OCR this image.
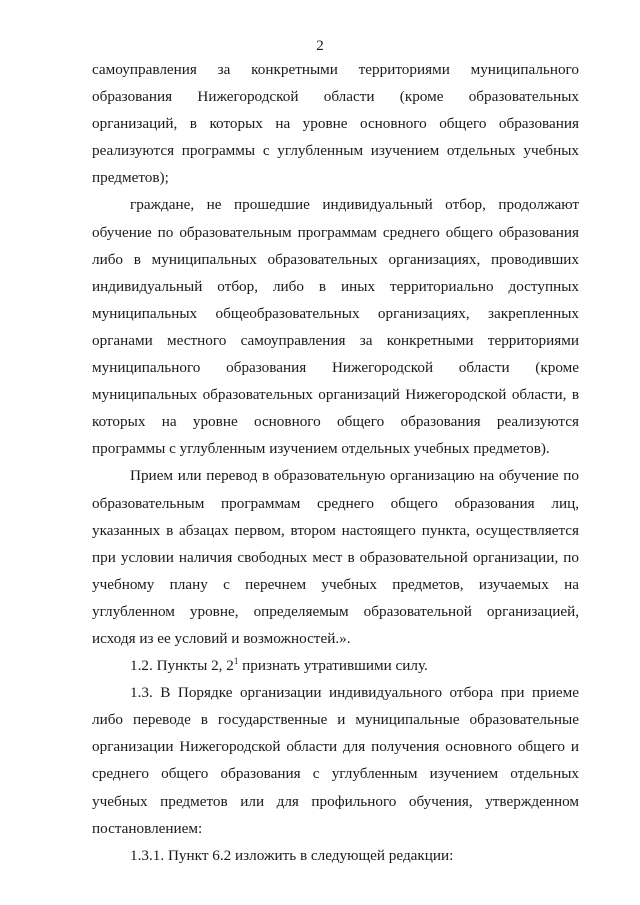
2

самоуправления за конкретными территориями муниципального образования Нижегородской области (кроме образовательных организаций, в которых на уровне основного общего образования реализуются программы с углубленным изучением отдельных учебных предметов);

граждане, не прошедшие индивидуальный отбор, продолжают обучение по образовательным программам среднего общего образования либо в муниципальных образовательных организациях, проводивших индивидуальный отбор, либо в иных территориально доступных муниципальных общеобразовательных организациях, закрепленных органами местного самоуправления за конкретными территориями муниципального образования Нижегородской области (кроме муниципальных образовательных организаций Нижегородской области, в которых на уровне основного общего образования реализуются программы с углубленным изучением отдельных учебных предметов).

Прием или перевод в образовательную организацию на обучение по образовательным программам среднего общего образования лиц, указанных в абзацах первом, втором настоящего пункта, осуществляется при условии наличия свободных мест в образовательной организации, по учебному плану с перечнем учебных предметов, изучаемых на углубленном уровне, определяемым образовательной организацией, исходя из ее условий и возможностей.».

1.2. Пункты 2, $2^1$ признать утратившими силу.

1.3. В Порядке организации индивидуального отбора при приеме либо переводе в государственные и муниципальные образовательные организации Нижегородской области для получения основного общего и среднего общего образования с углубленным изучением отдельных учебных предметов или для профильного обучения, утвержденном постановлением:

1.3.1. Пункт 6.2 изложить в следующей редакции:
